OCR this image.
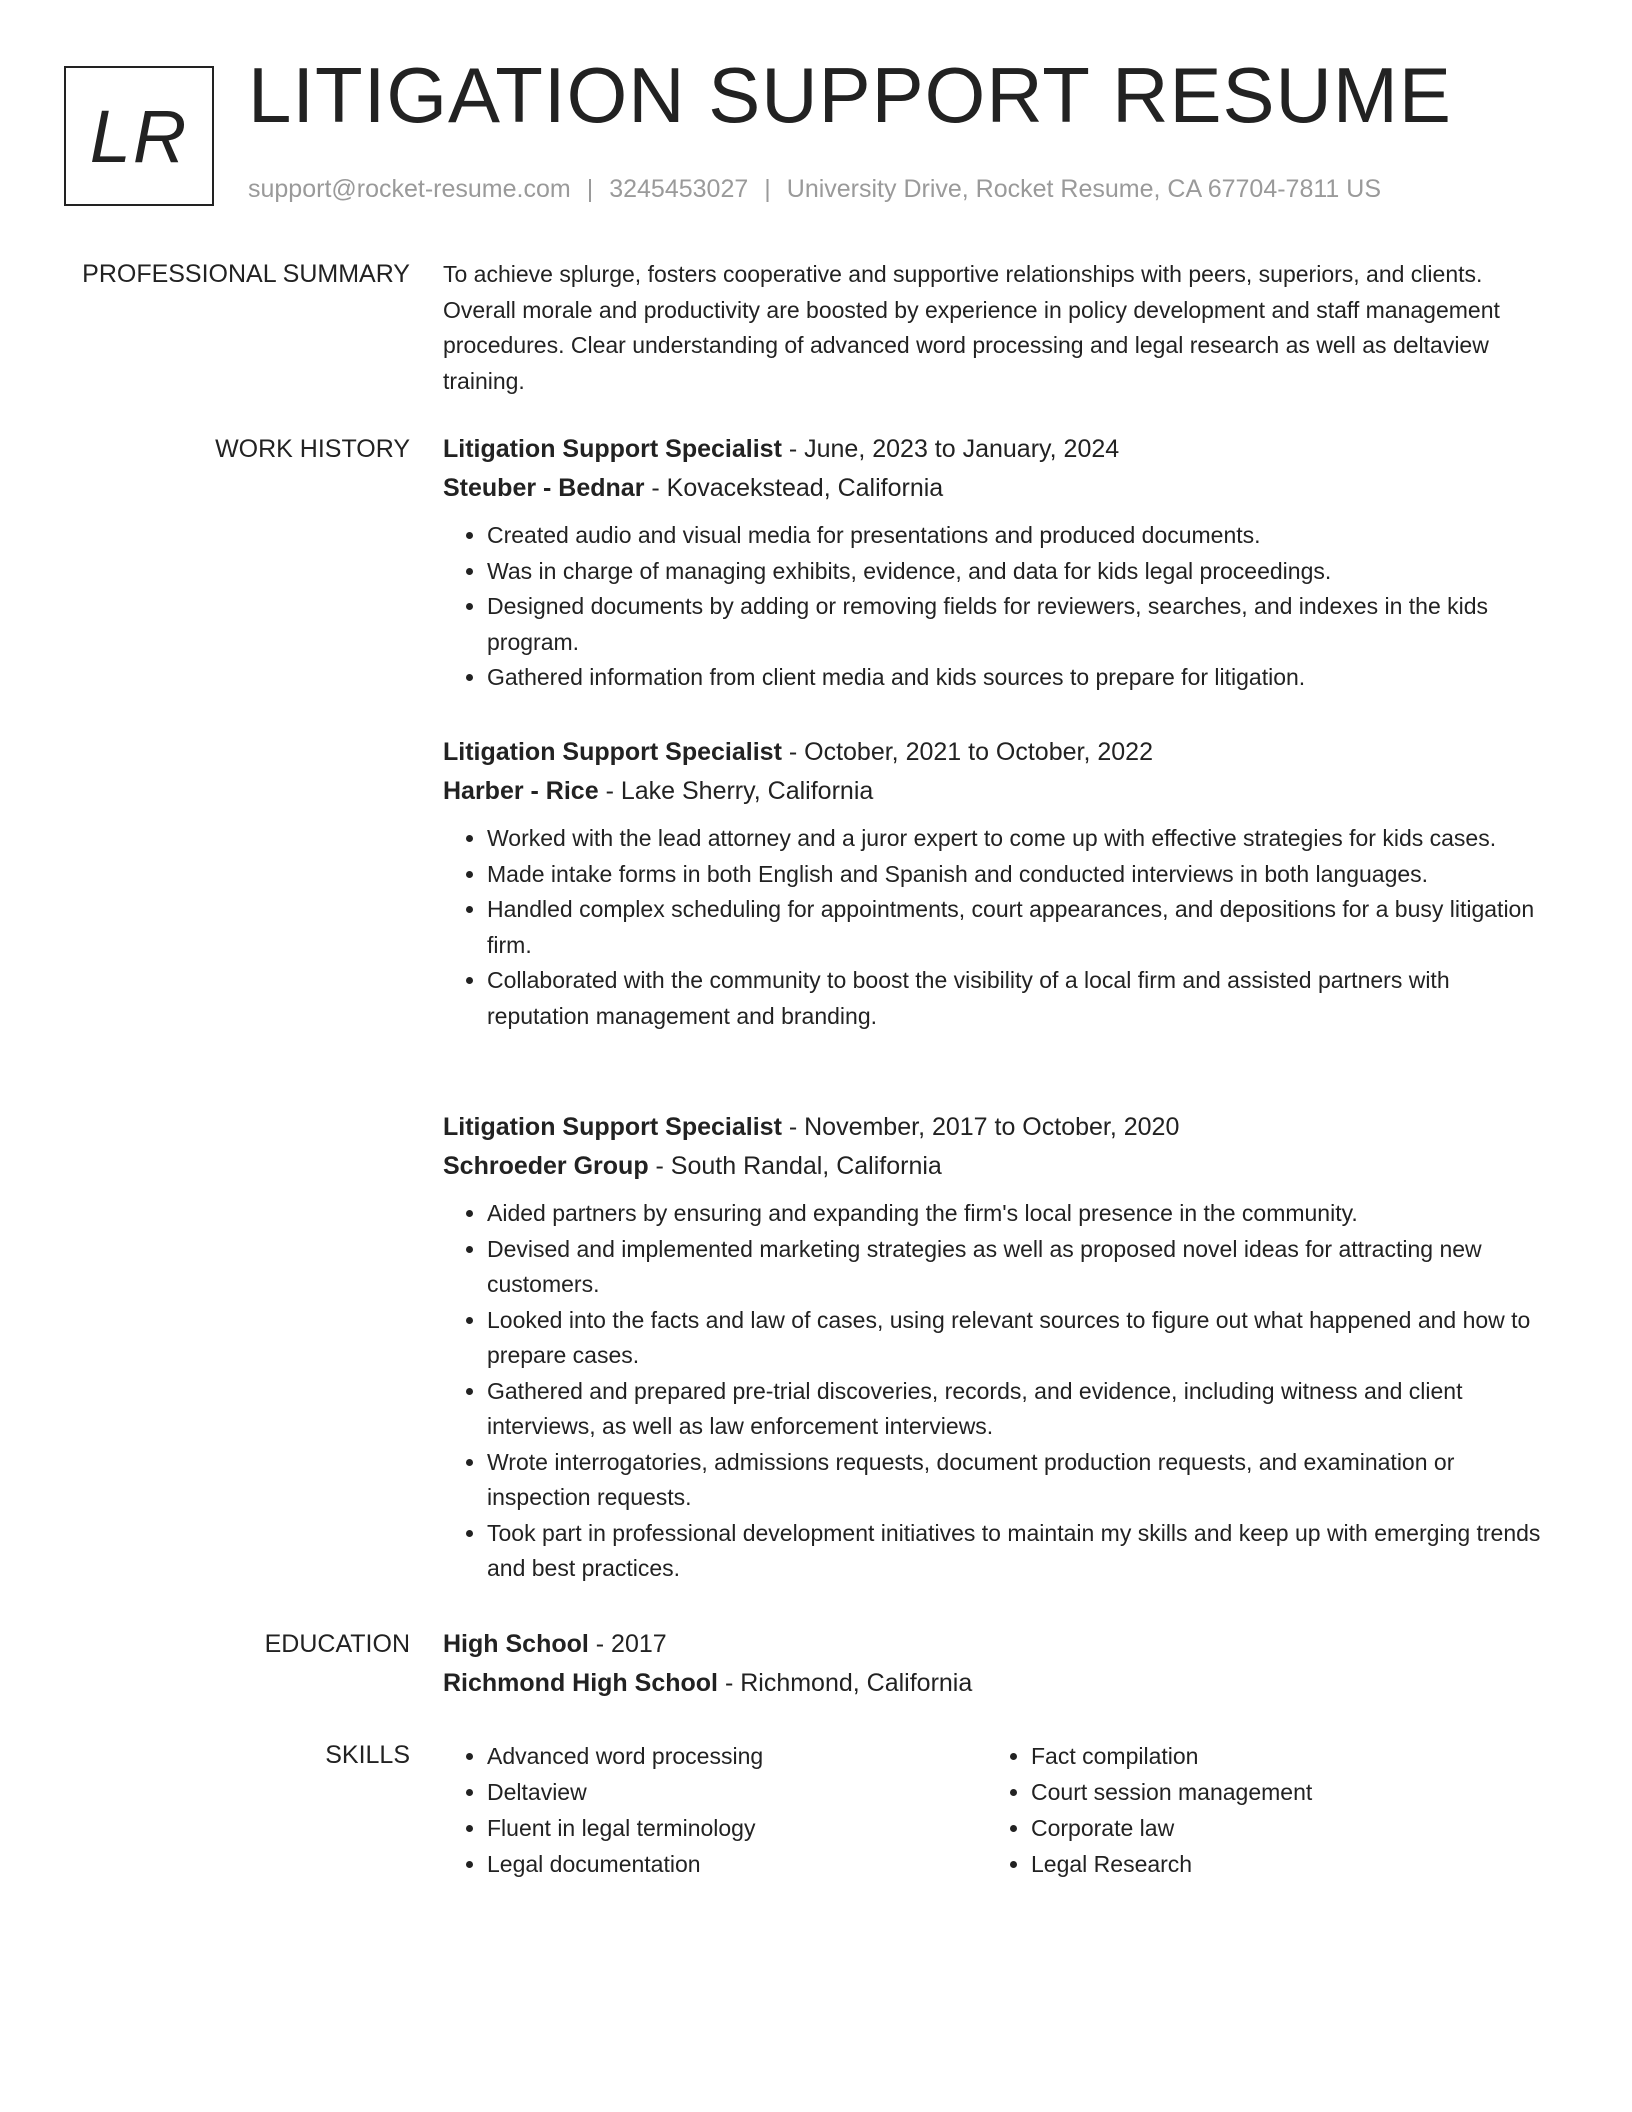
LR LITIGATION SUPPORT RESUME
support@rocket-resume.com | 3245453027 | University Drive, Rocket Resume, CA 67704-7811 US
PROFESSIONAL SUMMARY To achieve splurge, fosters cooperative and supportive relationships with peers, superiors, and clients. Overall morale and productivity are boosted by experience in policy development and staff management procedures. Clear understanding of advanced word processing and legal research as well as deltaview training.

WORK HISTORY Litigation Support Specialist - June, 2023 to January, 2024

Steuber - Bednar - Kovacekstead, California

• Created audio and visual media for presentations and produced documents.
• Was in charge of managing exhibits, evidence, and data for kids legal proceedings.
• Designed documents by adding or removing fields for reviewers, searches, and indexes in the kids program.
• Gathered information from client media and kids sources to prepare for litigation.

Litigation Support Specialist - October, 2021 to October, 2022

Harber - Rice - Lake Sherry, California

• Worked with the lead attorney and a juror expert to come up with effective strategies for kids cases.
• Made intake forms in both English and Spanish and conducted interviews in both languages.
• Handled complex scheduling for appointments, court appearances, and depositions for a busy litigation firm.
• Collaborated with the community to boost the visibility of a local firm and assisted partners with reputation management and branding.

Litigation Support Specialist - November, 2017 to October, 2020

Schroeder Group - South Randal, California

• Aided partners by ensuring and expanding the firm's local presence in the community.
• Devised and implemented marketing strategies as well as proposed novel ideas for attracting new customers.
• Looked into the facts and law of cases, using relevant sources to figure out what happened and how to prepare cases.
• Gathered and prepared pre-trial discoveries, records, and evidence, including witness and client interviews, as well as law enforcement interviews.
• Wrote interrogatories, admissions requests, document production requests, and examination or inspection requests.
• Took part in professional development initiatives to maintain my skills and keep up with emerging trends and best practices.
EDUCATION High School - 2017

Richmond High School - Richmond, California

SKILLS
•	Advanced word processing
• Deltaview
• Fluent in legal terminology
• Legal documentation
• Fact compilation
• Court session management
• Corporate law
• Legal Research
